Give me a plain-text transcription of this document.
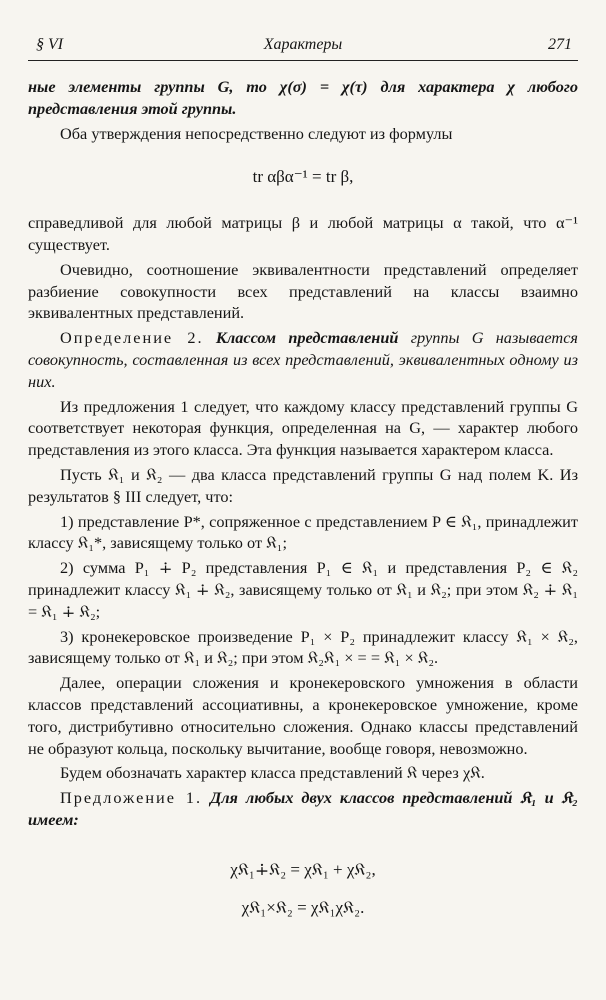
§ VI	Характеры	271

ные элементы группы G, то χ(σ) = χ(τ) для характера χ любого представления этой группы.

Оба утверждения непосредственно следуют из формулы

tr αβα⁻¹ = tr β,

справедливой для любой матрицы β и любой матрицы α такой, что α⁻¹ существует.

Очевидно, соотношение эквивалентности представлений определяет разбиение совокупности всех представлений на классы взаимно эквивалентных представлений.

Определение 2. Классом представлений группы G называется совокупность, составленная из всех представлений, эквивалентных одному из них.

Из предложения 1 следует, что каждому классу представлений группы G соответствует некоторая функция, определенная на G, — характер любого представления из этого класса. Эта функция называется характером класса.

Пусть 𝔎₁ и 𝔎₂ — два класса представлений группы G над полем K. Из результатов § III следует, что:

1) представление P*, сопряженное с представлением P ∈ 𝔎₁, принадлежит классу 𝔎₁*, зависящему только от 𝔎₁;

2) сумма P₁ ∔ P₂ представления P₁ ∈ 𝔎₁ и представления P₂ ∈ 𝔎₂ принадлежит классу 𝔎₁ ∔ 𝔎₂, зависящему только от 𝔎₁ и 𝔎₂; при этом 𝔎₂ ∔ 𝔎₁ = 𝔎₁ ∔ 𝔎₂;

3) кронекеровское произведение P₁ × P₂ принадлежит классу 𝔎₁ × 𝔎₂, зависящему только от 𝔎₁ и 𝔎₂; при этом 𝔎₂𝔎₁ × = = 𝔎₁ × 𝔎₂.

Далее, операции сложения и кронекеровского умножения в области классов представлений ассоциативны, а кронекеровское умножение, кроме того, дистрибутивно относительно сложения. Однако классы представлений не образуют кольца, поскольку вычитание, вообще говоря, невозможно.

Будем обозначать характер класса представлений 𝔎 через χ𝔎.

Предложение 1. Для любых двух классов представлений 𝔎₁ и 𝔎₂ имеем:

χ𝔎₁∔𝔎₂ = χ𝔎₁ + χ𝔎₂,
χ𝔎₁×𝔎₂ = χ𝔎₁χ𝔎₂.
